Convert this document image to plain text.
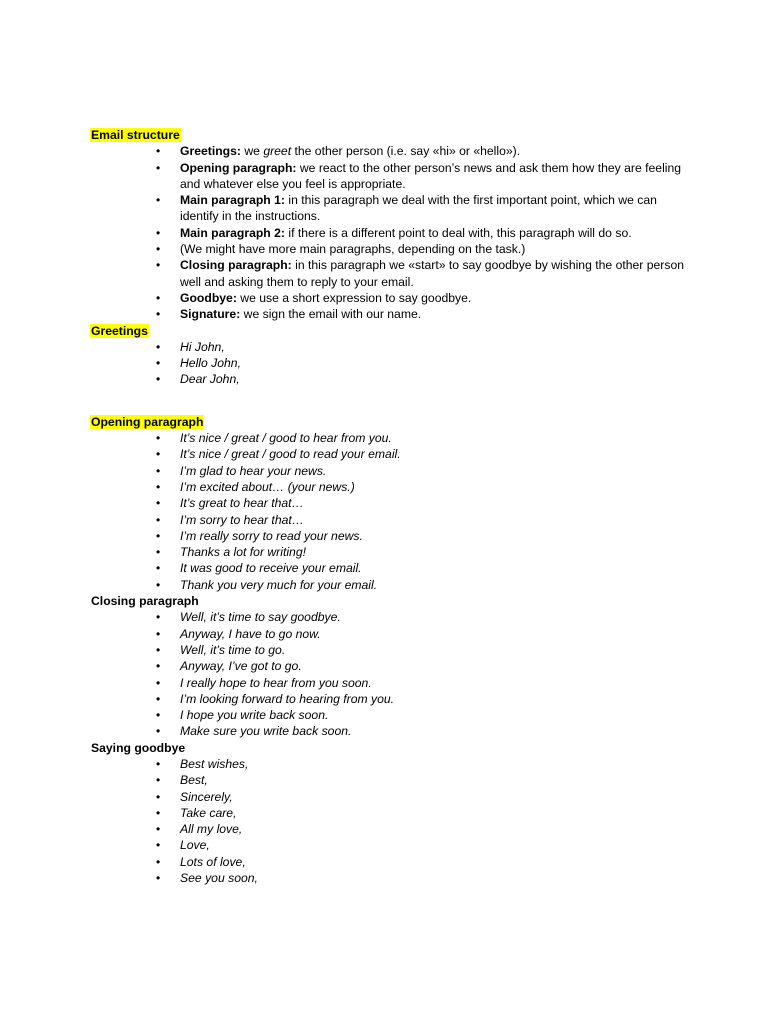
Email structure
• Greetings: we greet the other person (i.e. say «hi» or «hello»).
• Opening paragraph: we react to the other person’s news and ask them how they are feeling and whatever else you feel is appropriate.
• Main paragraph 1: in this paragraph we deal with the first important point, which we can identify in the instructions.
• Main paragraph 2: if there is a different point to deal with, this paragraph will do so.
• (We might have more main paragraphs, depending on the task.)
• Closing paragraph: in this paragraph we «start» to say goodbye by wishing the other person well and asking them to reply to your email.
• Goodbye: we use a short expression to say goodbye.
• Signature: we sign the email with our name.
Greetings
• Hi John,
• Hello John,
• Dear John,
Opening paragraph
• It’s nice / great / good to hear from you.
• It’s nice / great / good to read your email.
• I’m glad to hear your news.
• I’m excited about… (your news.)
• It’s great to hear that…
• I’m sorry to hear that…
• I’m really sorry to read your news.
• Thanks a lot for writing!
• It was good to receive your email.
• Thank you very much for your email.
Closing paragraph
• Well, it’s time to say goodbye.
• Anyway, I have to go now.
• Well, it’s time to go.
• Anyway, I’ve got to go.
• I really hope to hear from you soon.
• I’m looking forward to hearing from you.
• I hope you write back soon.
• Make sure you write back soon.
Saying goodbye
• Best wishes,
• Best,
• Sincerely,
• Take care,
• All my love,
• Love,
• Lots of love,
• See you soon,
